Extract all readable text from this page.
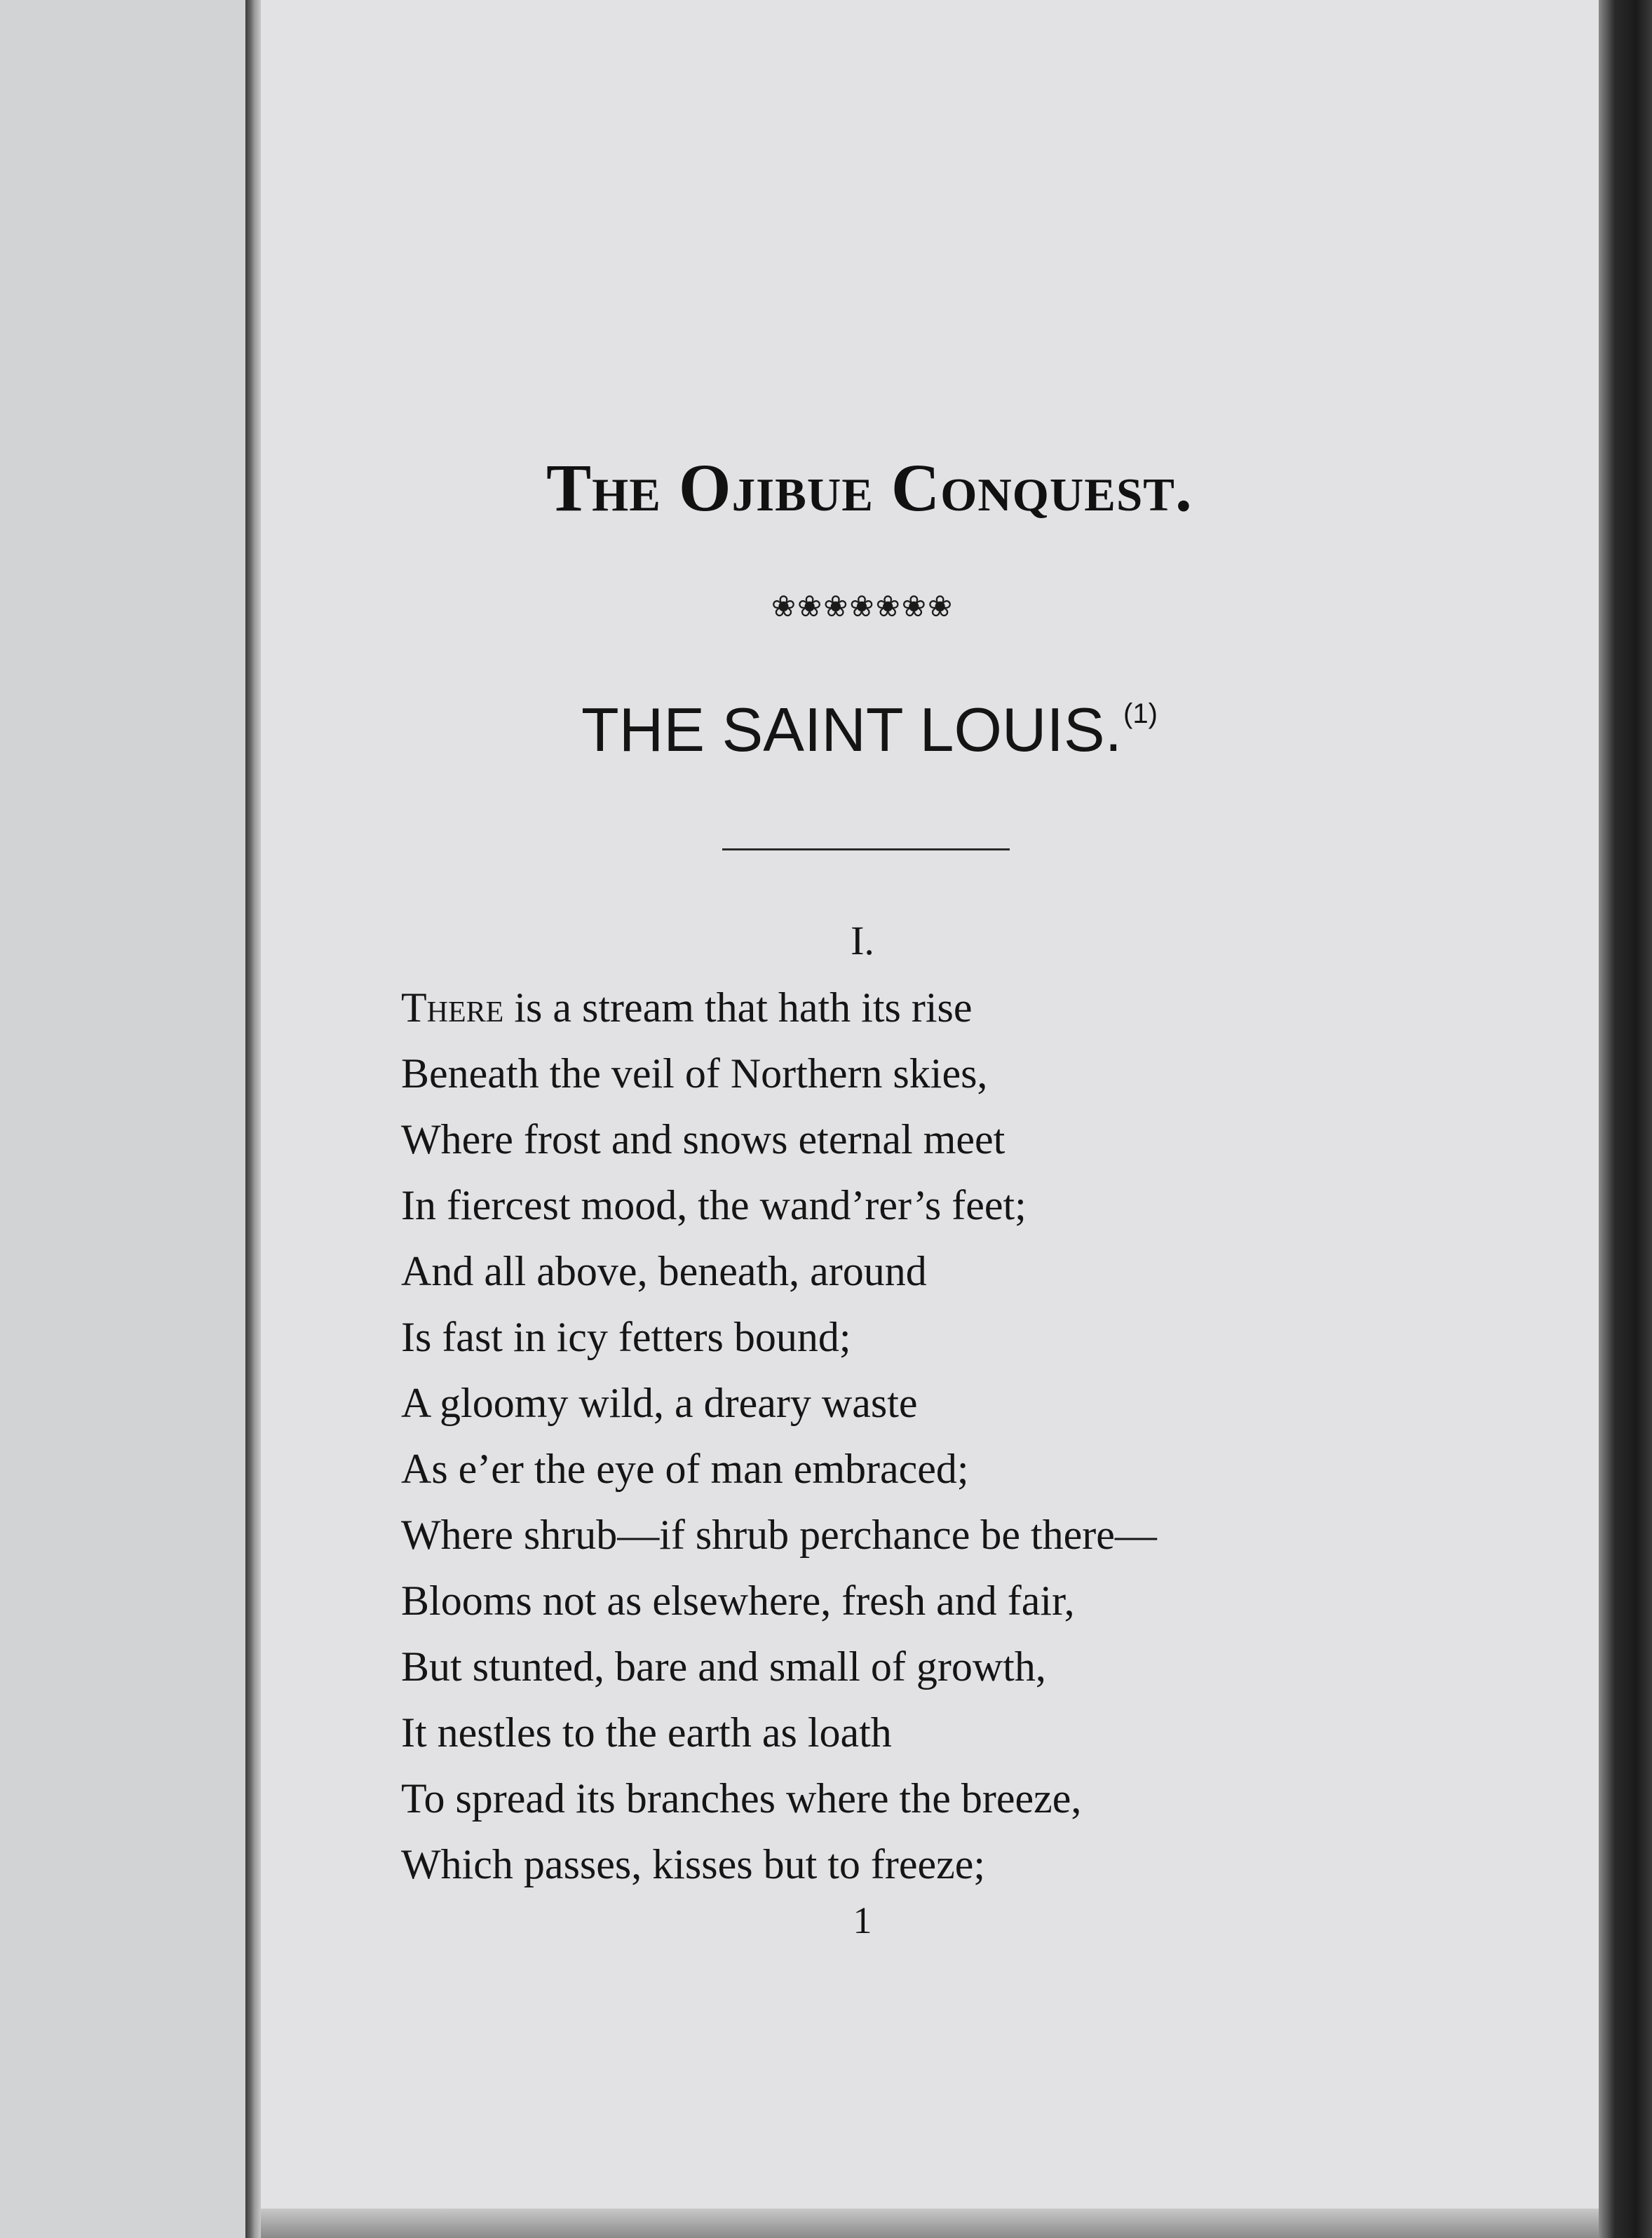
The Ojibue Conquest.
❀❀❀❀❀❀❀
THE SAINT LOUIS.$^{(1)}$
I.
There is a stream that hath its rise
Beneath the veil of Northern skies,
Where frost and snows eternal meet
In fiercest mood, the wand’rer’s feet;
And all above, beneath, around
Is fast in icy fetters bound;
A gloomy wild, a dreary waste
As e’er the eye of man embraced;
Where shrub—if shrub perchance be there—
Blooms not as elsewhere, fresh and fair,
But stunted, bare and small of growth,
It nestles to the earth as loath
To spread its branches where the breeze,
Which passes, kisses but to freeze;
1
